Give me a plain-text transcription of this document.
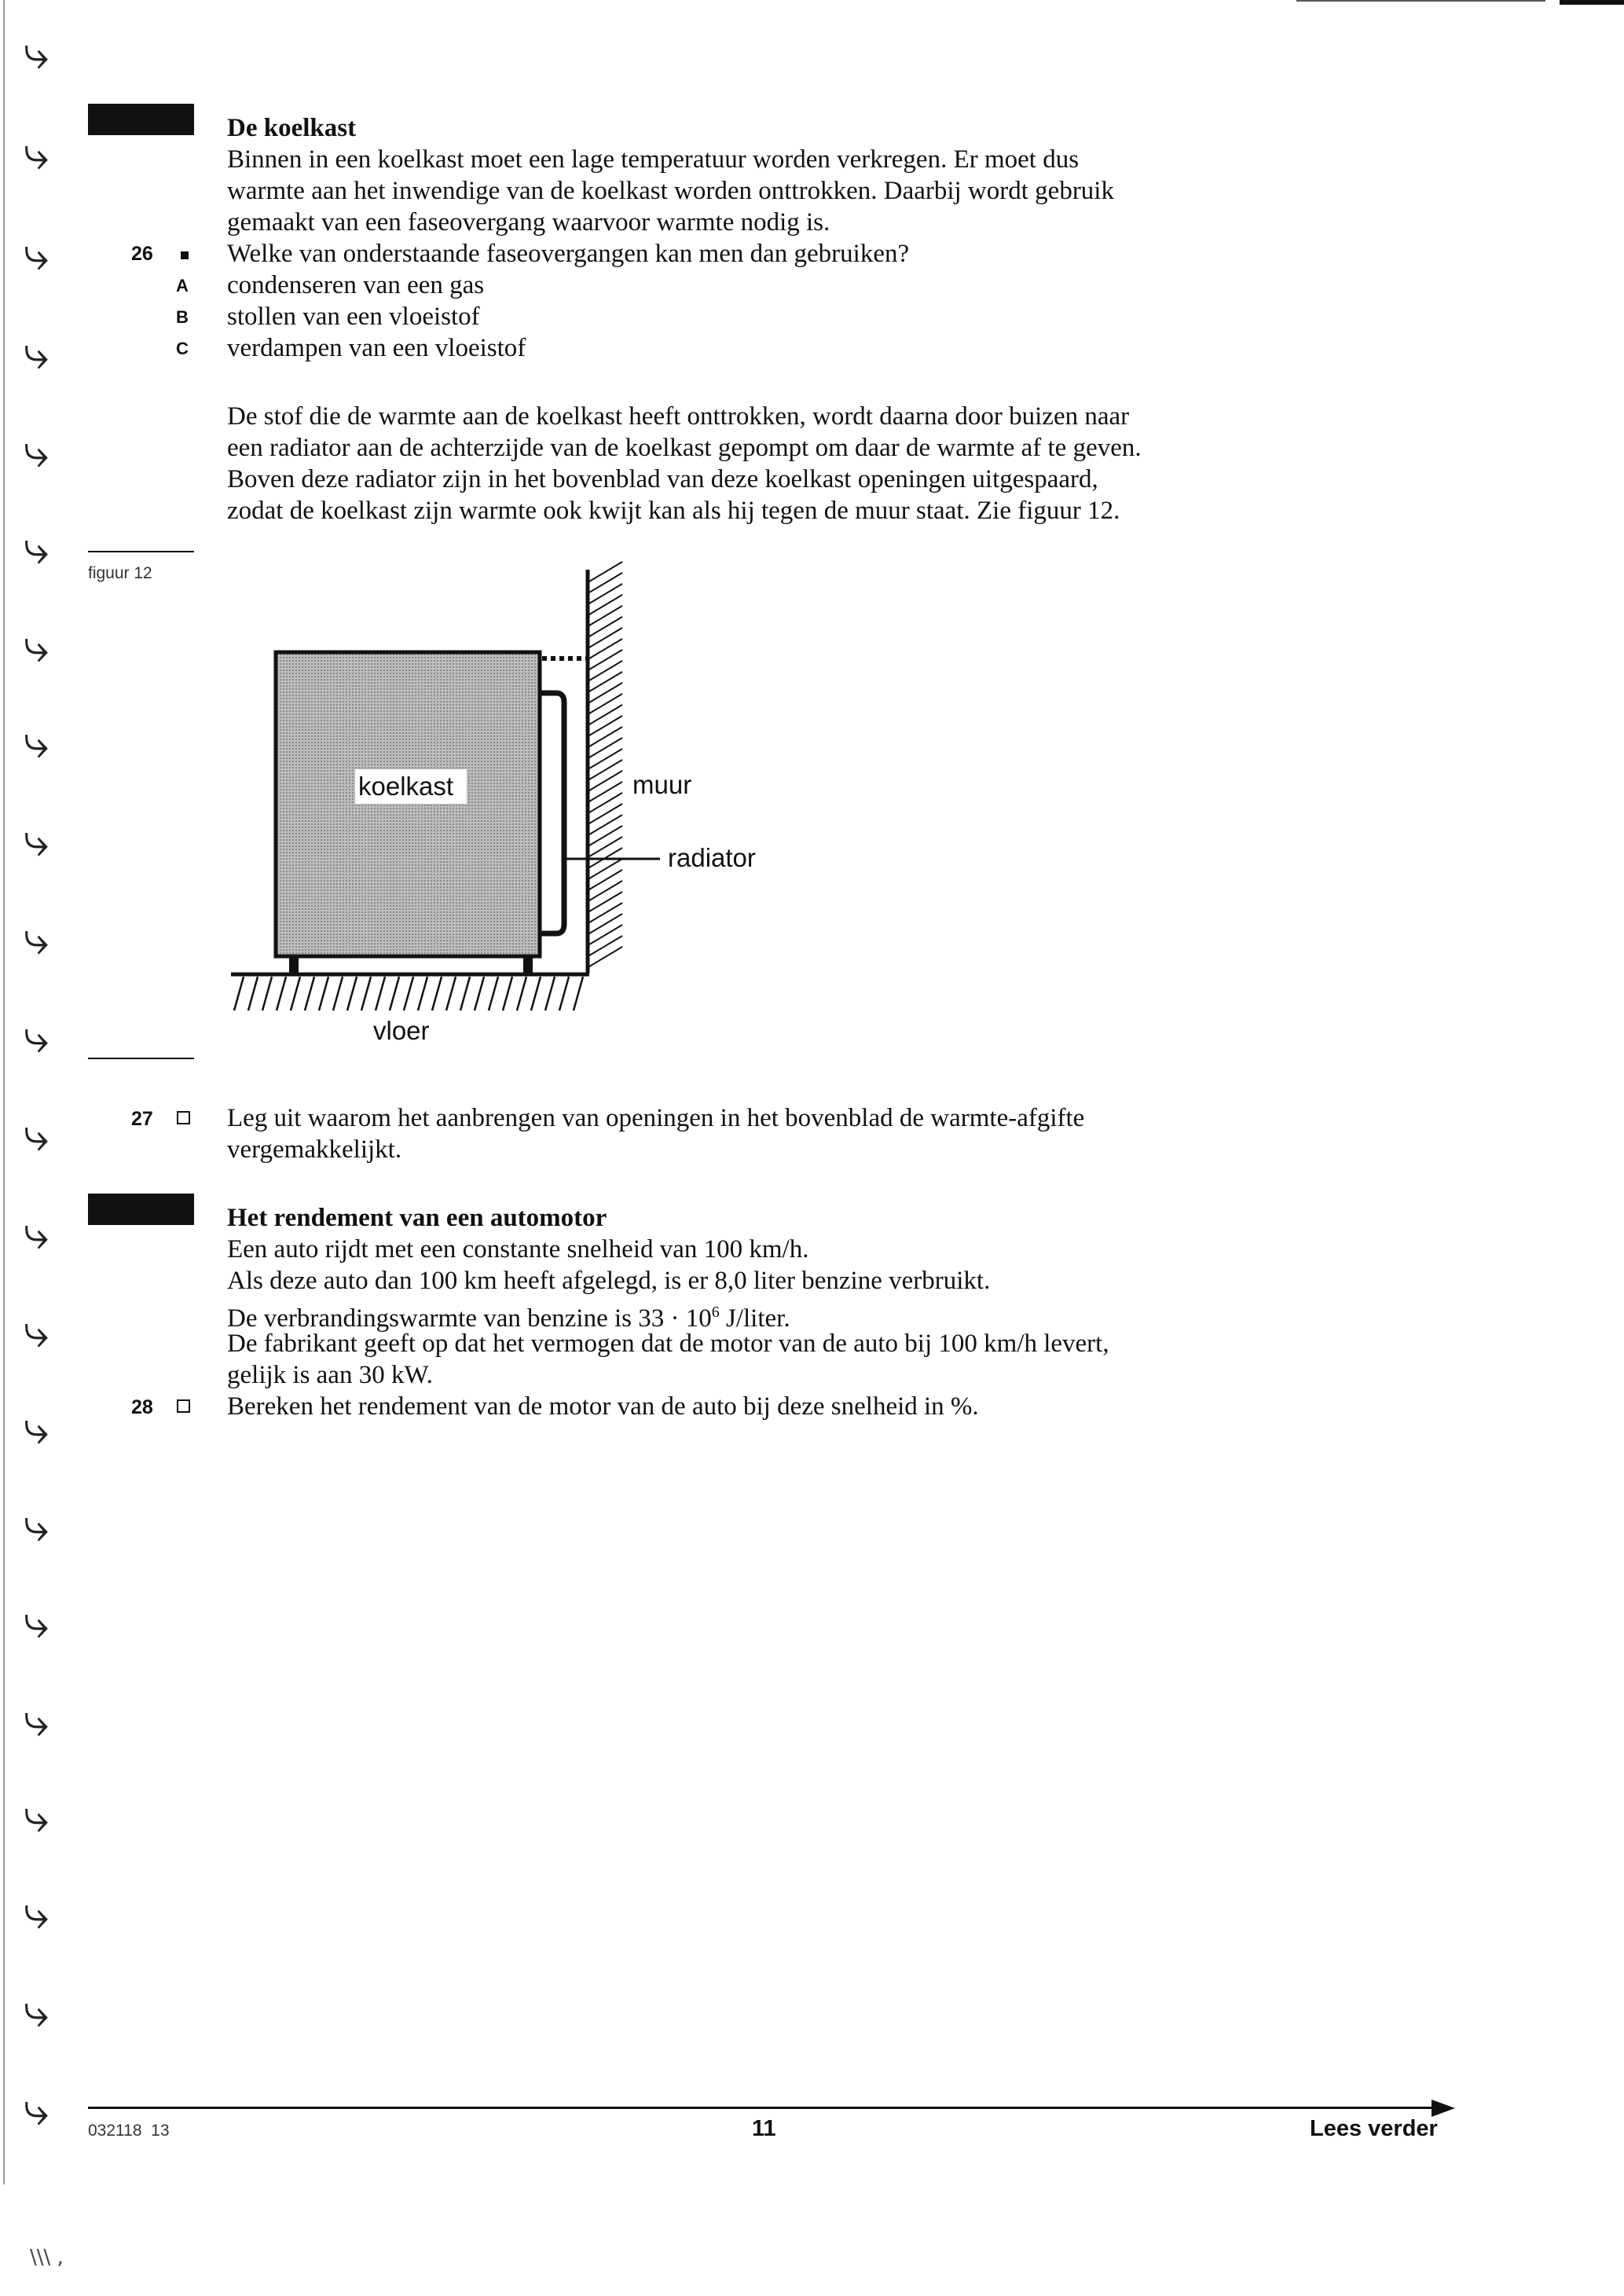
⤷
⤷
⤷
⤷
⤷
⤷
⤷
⤷
⤷
⤷
⤷
⤷
⤷
⤷
⤷
⤷
⤷
⤷
⤷
⤷
⤷
⤷
De koelkast
Binnen in een koelkast moet een lage temperatuur worden verkregen. Er moet dus
warmte aan het inwendige van de koelkast worden onttrokken. Daarbij wordt gebruik
gemaakt van een faseovergang waarvoor warmte nodig is.
Welke van onderstaande faseovergangen kan men dan gebruiken?
condenseren van een gas
stollen van een vloeistof
verdampen van een vloeistof
26
A
B
C
De stof die de warmte aan de koelkast heeft onttrokken, wordt daarna door buizen naar
een radiator aan de achterzijde van de koelkast gepompt om daar de warmte af te geven.
Boven deze radiator zijn in het bovenblad van deze koelkast openingen uitgespaard,
zodat de koelkast zijn warmte ook kwijt kan als hij tegen de muur staat. Zie figuur 12.
figuur 12
koelkast	muur
radiator
vloer
27	Leg uit waarom het aanbrengen van openingen in het bovenblad de warmte-afgifte
vergemakkelijkt.
Het rendement van een automotor
Een auto rijdt met een constante snelheid van 100 km/h.
Als deze auto dan 100 km heeft afgelegd, is er 8,0 liter benzine verbruikt.
De verbrandingswarmte van benzine is $33 \cdot 10^6$ J/liter.
De fabrikant geeft op dat het vermogen dat de motor van de auto bij 100 km/h levert,
gelijk is aan 30 kW.
28	Bereken het rendement van de motor van de auto bij deze snelheid in %.
032118  13	11	Lees verder
\\\ ,
